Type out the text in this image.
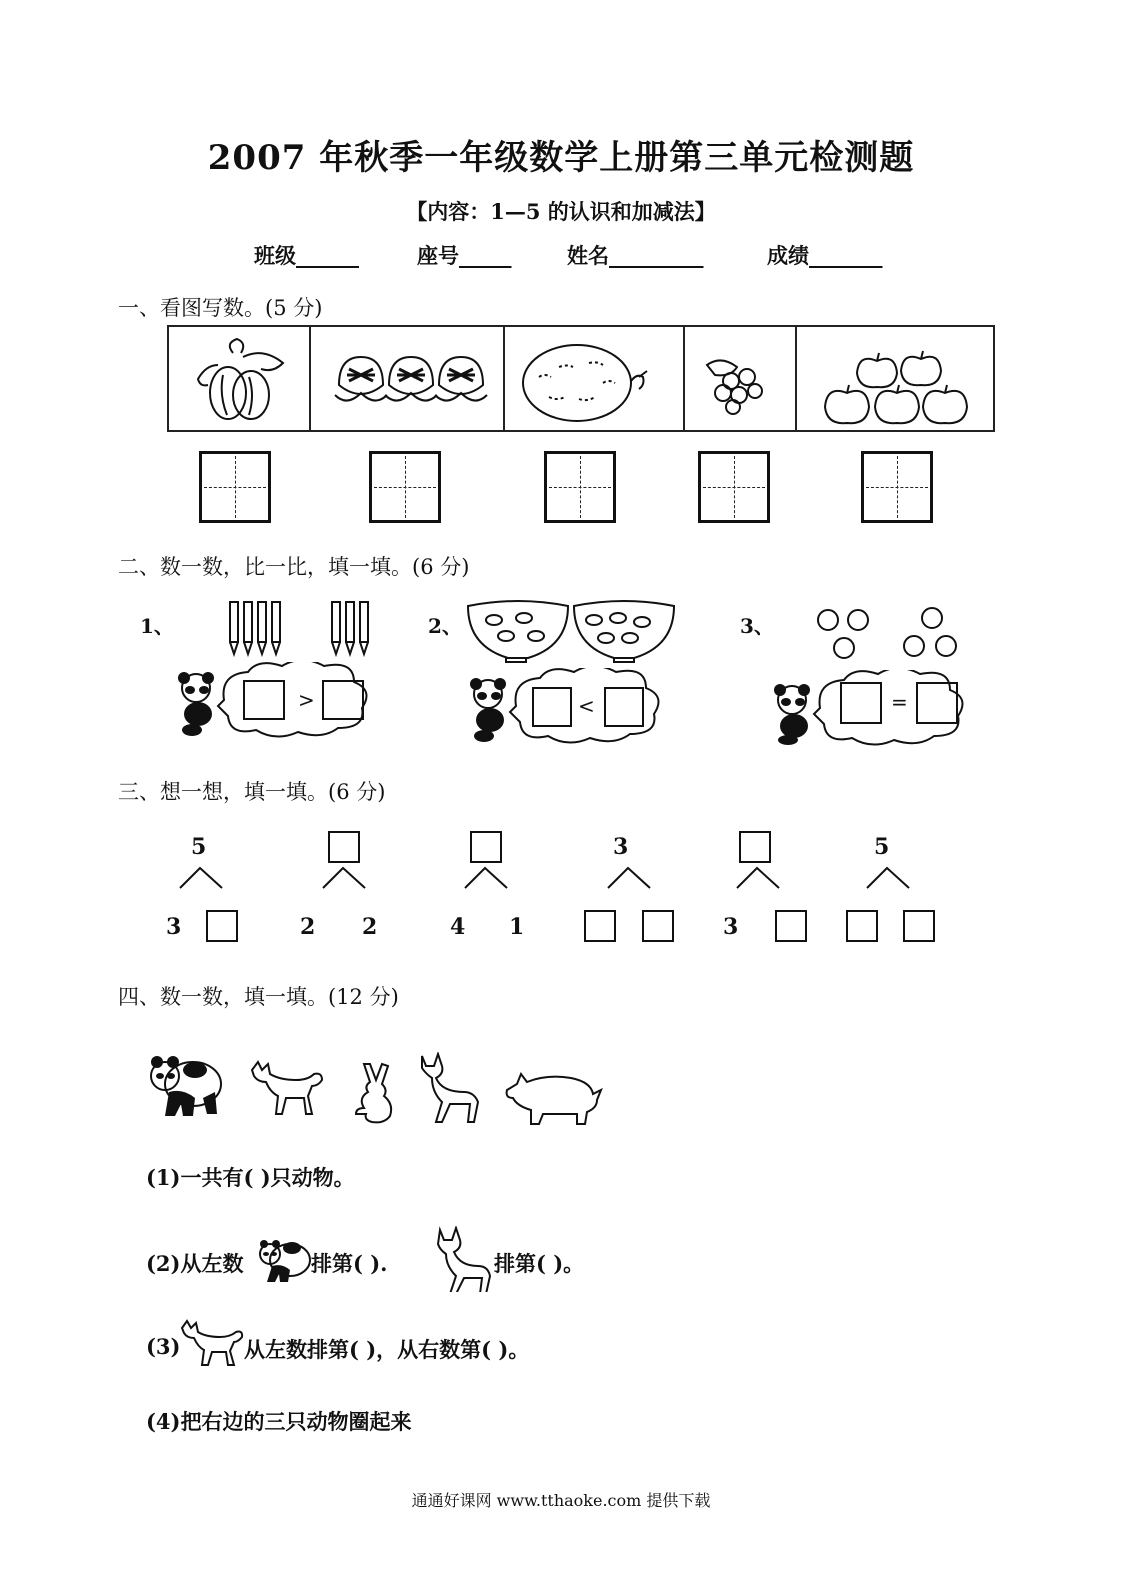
2007 年秋季一年级数学上册第三单元检测题
【内容：1—5 的认识和加减法】
班级______	座号_____	姓名_________	成绩_______
一、看图写数。(5 分)
二、数一数，比一比，填一填。(6 分)
1、
>
2、
<
3、
=
三、想一想，填一填。(6 分)
5
3	2 2	4 1
3
3
5
四、数一数，填一填。(12 分)
(1)一共有( )只动物。
(2)从左数	排第( ).	排第( )。
(3)	从左数排第( )，从右数第( )。
(4)把右边的三只动物圈起来
通通好课网 www.tthaoke.com 提供下载
